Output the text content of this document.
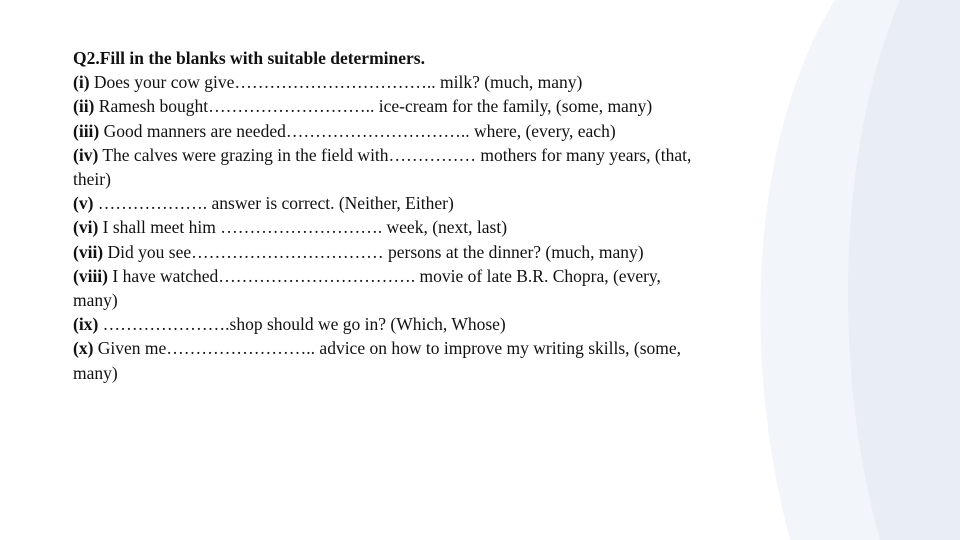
Q2.Fill in the blanks with suitable determiners.

(i) Does your cow give…………………………….. milk? (much, many)

(ii) Ramesh bought……………………….. ice-cream for the family, (some, many)

(iii) Good manners are needed………………………….. where, (every, each)

(iv) The calves were grazing in the field with…………… mothers for many years, (that, their)

(v) ………………. answer is correct. (Neither, Either)

(vi) I shall meet him ………………………. week, (next, last)

(vii) Did you see…………………………… persons at the dinner? (much, many)

(viii) I have watched……………………………. movie of late B.R. Chopra, (every, many)

(ix) ………………….shop should we go in? (Which, Whose)

(x) Given me…………………….. advice on how to improve my writing skills, (some, many)
